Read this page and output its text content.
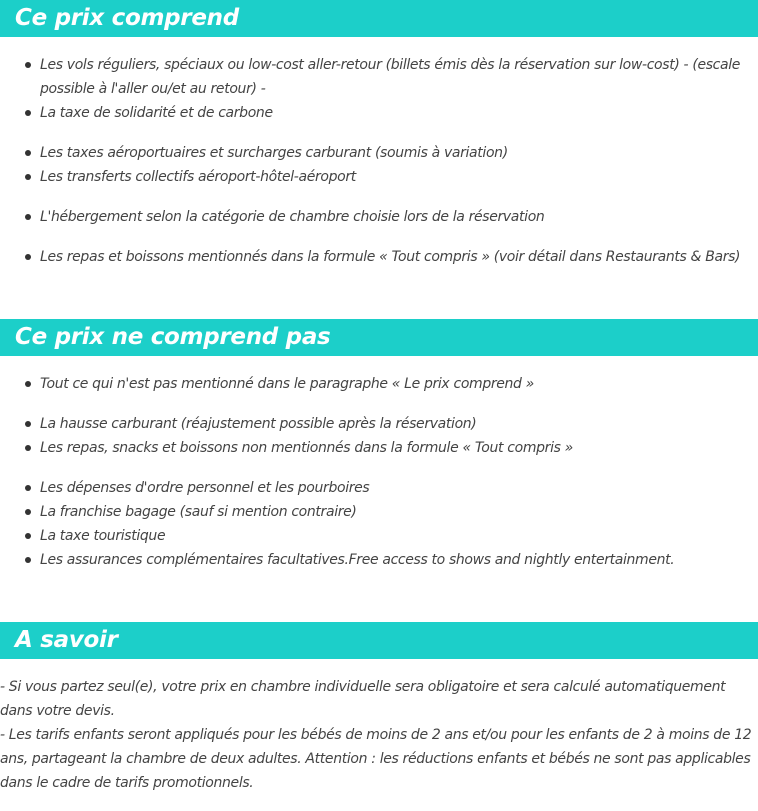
Ce prix comprend
Les vols réguliers, spéciaux ou low-cost aller-retour (billets émis dès la réservation sur low-cost) - (escale possible à l'aller ou/et au retour) -
La taxe de solidarité et de carbone
Les taxes aéroportuaires et surcharges carburant (soumis à variation)
Les transferts collectifs aéroport-hôtel-aéroport
L'hébergement selon la catégorie de chambre choisie lors de la réservation
Les repas et boissons mentionnés dans la formule « Tout compris » (voir détail dans Restaurants & Bars)
Ce prix ne comprend pas
Tout ce qui n'est pas mentionné dans le paragraphe « Le prix comprend »
La hausse carburant (réajustement possible après la réservation)
Les repas, snacks et boissons non mentionnés dans la formule « Tout compris »
Les dépenses d'ordre personnel et les pourboires
La franchise bagage (sauf si mention contraire)
La taxe touristique
Les assurances complémentaires facultatives.Free access to shows and nightly entertainment.
A savoir

- Si vous partez seul(e), votre prix en chambre individuelle sera obligatoire et sera calculé automatiquement dans votre devis.

- Les tarifs enfants seront appliqués pour les bébés de moins de 2 ans et/ou pour les enfants de 2 à moins de 12 ans, partageant la chambre de deux adultes. Attention : les réductions enfants et bébés ne sont pas applicables dans le cadre de tarifs promotionnels.
